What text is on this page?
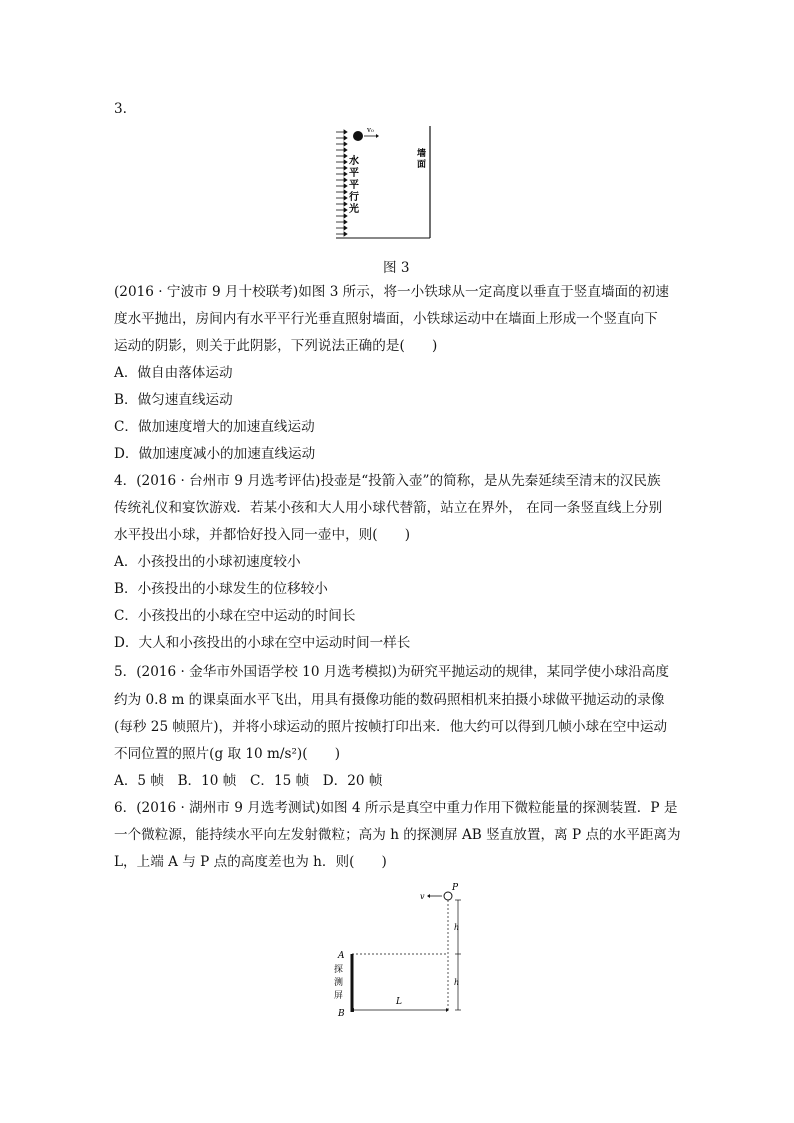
3.
v₀
水
平
平
行
光
墙
面
图 3
(2016 · 宁波市 9 月十校联考)如图 3 所示，将一小铁球从一定高度以垂直于竖直墙面的初速
度水平抛出，房间内有水平平行光垂直照射墙面，小铁球运动中在墙面上形成一个竖直向下
运动的阴影，则关于此阴影，下列说法正确的是(　　)
A．做自由落体运动
B．做匀速直线运动
C．做加速度增大的加速直线运动
D．做加速度减小的加速直线运动
4．(2016 · 台州市 9 月选考评估)投壶是“投箭入壶”的简称，是从先秦延续至清末的汉民族
传统礼仪和宴饮游戏．若某小孩和大人用小球代替箭，站立在界外， 在同一条竖直线上分别
水平投出小球，并都恰好投入同一壶中，则(　　)
A．小孩投出的小球初速度较小
B．小孩投出的小球发生的位移较小
C．小孩投出的小球在空中运动的时间长
D．大人和小孩投出的小球在空中运动时间一样长
5．(2016 · 金华市外国语学校 10 月选考模拟)为研究平抛运动的规律，某同学使小球沿高度
约为 0.8 m 的课桌面水平飞出，用具有摄像功能的数码照相机来拍摄小球做平抛运动的录像
(每秒 25 帧照片)，并将小球运动的照片按帧打印出来．他大约可以得到几帧小球在空中运动
不同位置的照片(g 取 10 m/s²)(　　)
A．5 帧　B．10 帧　C．15 帧　D．20 帧
6．(2016 · 湖州市 9 月选考测试)如图 4 所示是真空中重力作用下微粒能量的探测装置．P 是
一个微粒源，能持续水平向左发射微粒；高为 h 的探测屏 AB 竖直放置，离 P 点的水平距离为
L，上端 A 与 P 点的高度差也为 h．则(　　)
P
v
h
h
A
B
探
测
屏
L
